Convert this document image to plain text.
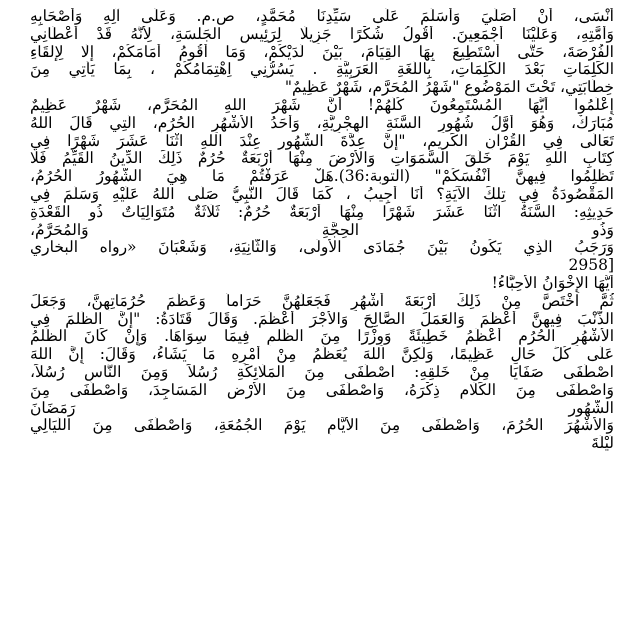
أَنْسَى، أَنْ أُصَلِّيَ وَأُسَلِّمَ عَلَى سَيِّدِنَا مُحَمَّدٍ، ص.م. وَعَلَى آلِهِ وَأَصْحَابِهِ
وَأُمَّتِهِ، وَعَلَيْنَا أَجْمَعِينَ. أَقُولُ شُكْرًا جَزِيلًا لِرَئِيسِ الْجَلْسَةِ، لِأَنَّهُ قَدْ أَعْطَانِي
الْفُرْصَةَ، حَتَّى أَسْتَطِيعَ بِهَا الْقِيَامَ، بَيْنَ لَدَيْكُمْ، وَمَا أَقُومُ أَمَامَكُمْ، إِلَّا لِإِلْقَاءِ
الْكَلِمَاتِ بَعْدَ الْكَلِمَاتِ، بِاللُّغَةِ الْعَرَبِيَّةِ . يَسُرُّنِي اِهْتِمَامُكُمْ ، بِمَا يَأتِي مِنَ
خِطَابَتِي، تَحْتَ الْمَوْضُوعِ "شَهْرُ الْمُحَرَّمِ، شَهْرٌ عَظِيمٌ"
إِعْلَمُوا أَيُّهَا الْمُسْتَمِعُونَ كُلُّهُمْ! أَنَّ شَهْرَ اللهِ الْمُحَرَّمِ، شَهْرٌ عَظِيمٌ
مُبَارَكٌ، وَهُوَ أَوَّلُ شُهُورِ السَّنَةِ الْهِجْرِيَّةِ، وَأَحَدُ الْأَشْهُرِ الْحُرُمِ، الَّتِي قَالَ اللهُ
تَعَالَى فِي الْقُرْآنِ الْكَرِيمِ، "إِنَّ عِدَّةَ الشُّهُورِ عِنْدَ اللهِ اثْنَا عَشَرَ شَهْرًا فِي
كِتَابِ اللهِ يَوْمَ خَلَقَ السَّمَوَاتِ وَالْأَرْضَ مِنْهَا أَرْبَعَةٌ حُرُمٌ ذَلِكَ الدِّينُ الْقَيِّمُ فَلَا
تَظْلِمُوا فِيهِنَّ أَنْفُسَكُمْ" (التوبة:36).هَلْ عَرَفْتُمْ مَا هِيَ الشُّهُورُ الْحُرُمُ،
الْمَقْصُودَةُ فِي تِلْكَ الْآيَةِ؟ أَنَا أُجِيبُ ، كَمَا قَالَ النَّبِيُّ صَلَّى اللهُ عَلَيْهِ وَسَلَّمَ فِي
حَدِيثِهِ: السَّنَةُ اثْنَا عَشَرَ شَهْرًا مِنْهَا أَرْبَعَةٌ حُرُمٌ: ثَلَاثَةٌ مُتَوَالِيَاتٌ ذُو الْقَعْدَةِ
وَذُو الْحِجَّةِ وَالْمُحَرَّمُ،
وَرَجَبُ الَّذِي يَكُونُ بَيْنَ جُمَادَى الْأُولَى، وَالثَّانِيَةِ، وَشَعْبَانَ «رواه البخاري
[2958
أَيُّهَا الْإِخْوَانُ الْأَحِبَّاءُ!
ثُمَّ اخْتَصَّ مِنْ ذَلِكَ أَرْبَعَةَ أَشْهُرٍ فَجَعَلَهُنَّ حَرَاماً وَعَظَّمَ حُرُمَاتِهِنَّ، وَجَعَلَ
الذَّنْبَ فِيهِنَّ أَعْظَمَ وَالْعَمَلَ الصَّالِحَ وَالْأَجْرَ أَعْظَمَ. وَقَالَ قَتَادَةُ: "إِنَّ الظُّلْمَ فِي
الْأَشْهُرِ الْحُرُمِ أَعْظَمُ خَطِيئَةً وَوِزْرًا مِنَ الظُّلْمِ فِيمَا سِوَاهَا. وَإِنْ كَانَ الظُّلْمُ
عَلَى كُلِّ حَالٍ عَظِيمًا، وَلَكِنَّ اللهَ يُعَظِّمُ مِنْ أَمْرِهِ مَا يَشَاءُ، وَقَالَ: إِنَّ اللهَ
اصْطَفَى صَفَايَا مِنْ خَلْقِهِ: اصْطَفَى مِنَ الْمَلَائِكَةِ رُسُلاً وَمِنَ النَّاسِ رُسُلاً،
وَاصْطَفَى مِنَ الْكَلَامِ ذِكْرَهُ، وَاصْطَفَى مِنَ الْأَرْضِ الْمَسَاجِدَ، وَاصْطَفَى مِنَ
الشُّهُورِ رَمَضَانَ
وَالْأَشْهُرَ الْحُرُمَ، وَاصْطَفَى مِنَ الْأَيَّامِ يَوْمَ الْجُمُعَةِ، وَاصْطَفَى مِنَ اللَّيَالِي
لَيْلَةَ
